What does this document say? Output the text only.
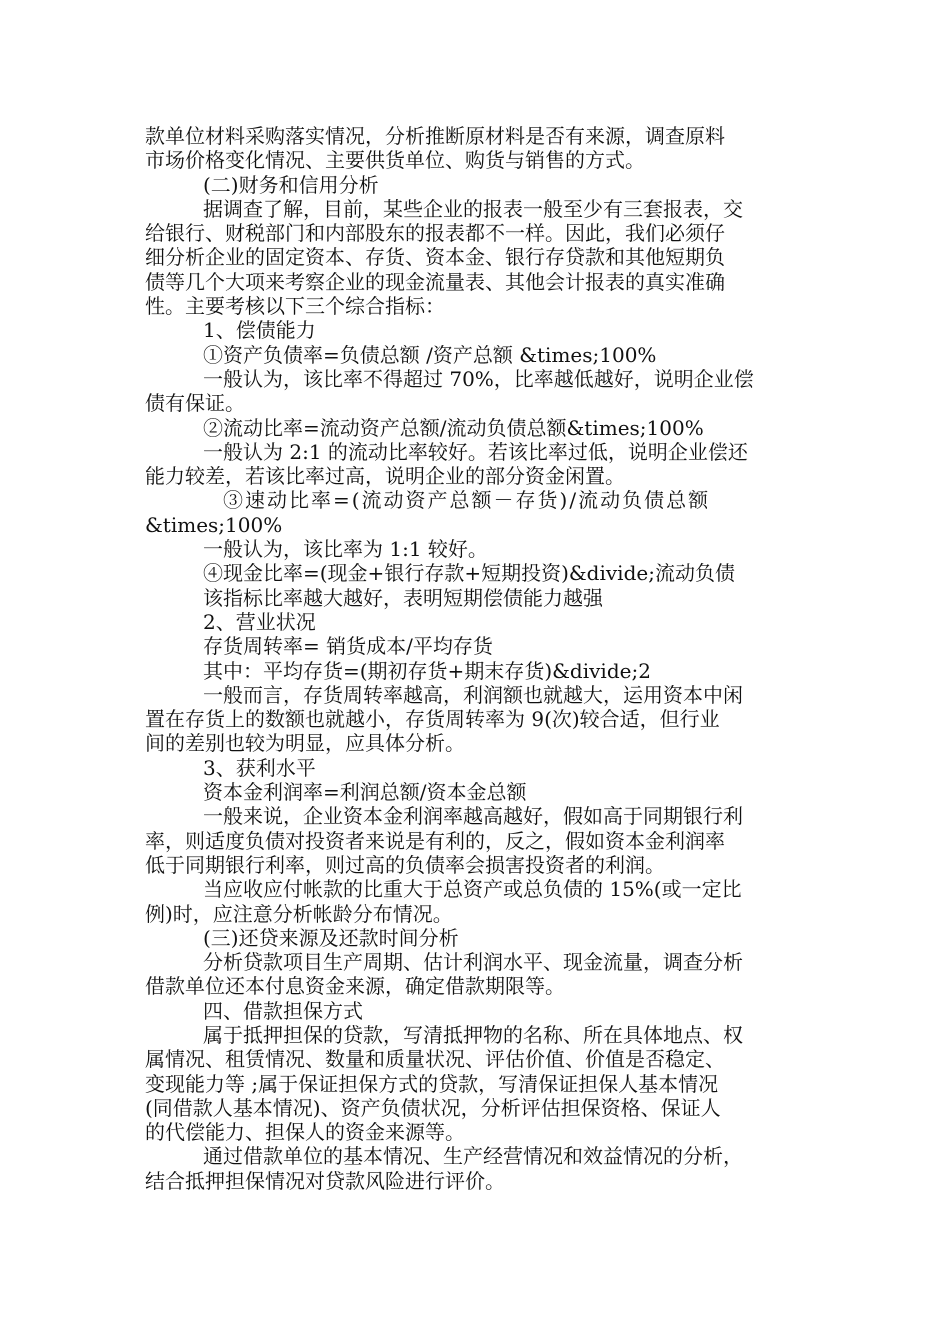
款单位材料采购落实情况，分析推断原材料是否有来源，调查原料
市场价格变化情况、主要供货单位、购货与销售的方式。
(二)财务和信用分析
据调查了解，目前，某些企业的报表一般至少有三套报表，交
给银行、财税部门和内部股东的报表都不一样。因此，我们必须仔
细分析企业的固定资本、存货、资本金、银行存贷款和其他短期负
债等几个大项来考察企业的现金流量表、其他会计报表的真实准确
性。主要考核以下三个综合指标：
1、偿债能力
①资产负债率=负债总额 /资产总额 &times;100%
一般认为，该比率不得超过 70%，比率越低越好，说明企业偿
债有保证。
②流动比率=流动资产总额/流动负债总额&times;100%
一般认为 2:1 的流动比率较好。若该比率过低，说明企业偿还
能力较差，若该比率过高，说明企业的部分资金闲置。
③速动比率=(流动资产总额－存货)/流动负债总额
&times;100%
一般认为，该比率为 1:1 较好。
④现金比率=(现金+银行存款+短期投资)&divide;流动负债
该指标比率越大越好，表明短期偿债能力越强
2、营业状况
存货周转率= 销货成本/平均存货
其中：平均存货=(期初存货+期末存货)&divide;2
一般而言，存货周转率越高，利润额也就越大，运用资本中闲
置在存货上的数额也就越小，存货周转率为 9(次)较合适，但行业
间的差别也较为明显，应具体分析。
3、获利水平
资本金利润率=利润总额/资本金总额
一般来说，企业资本金利润率越高越好，假如高于同期银行利
率，则适度负债对投资者来说是有利的，反之，假如资本金利润率
低于同期银行利率，则过高的负债率会损害投资者的利润。
当应收应付帐款的比重大于总资产或总负债的 15%(或一定比
例)时，应注意分析帐龄分布情况。
(三)还贷来源及还款时间分析
分析贷款项目生产周期、估计利润水平、现金流量，调查分析
借款单位还本付息资金来源，确定借款期限等。
四、借款担保方式
属于抵押担保的贷款，写清抵押物的名称、所在具体地点、权
属情况、租赁情况、数量和质量状况、评估价值、价值是否稳定、
变现能力等 ;属于保证担保方式的贷款，写清保证担保人基本情况
(同借款人基本情况)、资产负债状况，分析评估担保资格、保证人
的代偿能力、担保人的资金来源等。
通过借款单位的基本情况、生产经营情况和效益情况的分析，
结合抵押担保情况对贷款风险进行评价。
